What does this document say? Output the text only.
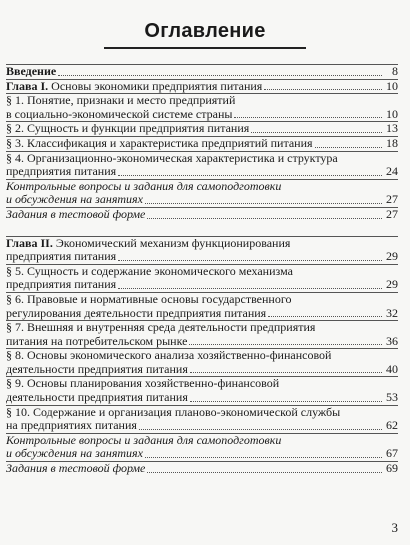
Оглавление
Введение	8
Глава I. Основы экономики предприятия питания	10
§ 1. Понятие, признаки и место предприятий
в социально-экономической системе страны	10
§ 2. Сущность и функции предприятия питания	13
§ 3. Классификация и характеристика предприятий питания	18
§ 4. Организационно-экономическая характеристика и структура
предприятия питания	24
Контрольные вопросы и задания для самоподготовки
и обсуждения на занятиях	27
Задания в тестовой форме	27
Глава II. Экономический механизм функционирования
предприятия питания	29
§ 5. Сущность и содержание экономического механизма
предприятия питания	29
§ 6. Правовые и нормативные основы государственного
регулирования деятельности предприятия питания	32
§ 7. Внешняя и внутренняя среда деятельности предприятия
питания на потребительском рынке	36
§ 8. Основы экономического анализа хозяйственно-финансовой
деятельности предприятия питания	40
§ 9. Основы планирования хозяйственно-финансовой
деятельности предприятия питания	53
§ 10. Содержание и организация планово-экономической службы
на предприятиях питания	62
Контрольные вопросы и задания для самоподготовки
и обсуждения на занятиях	67
Задания в тестовой форме	69
3
